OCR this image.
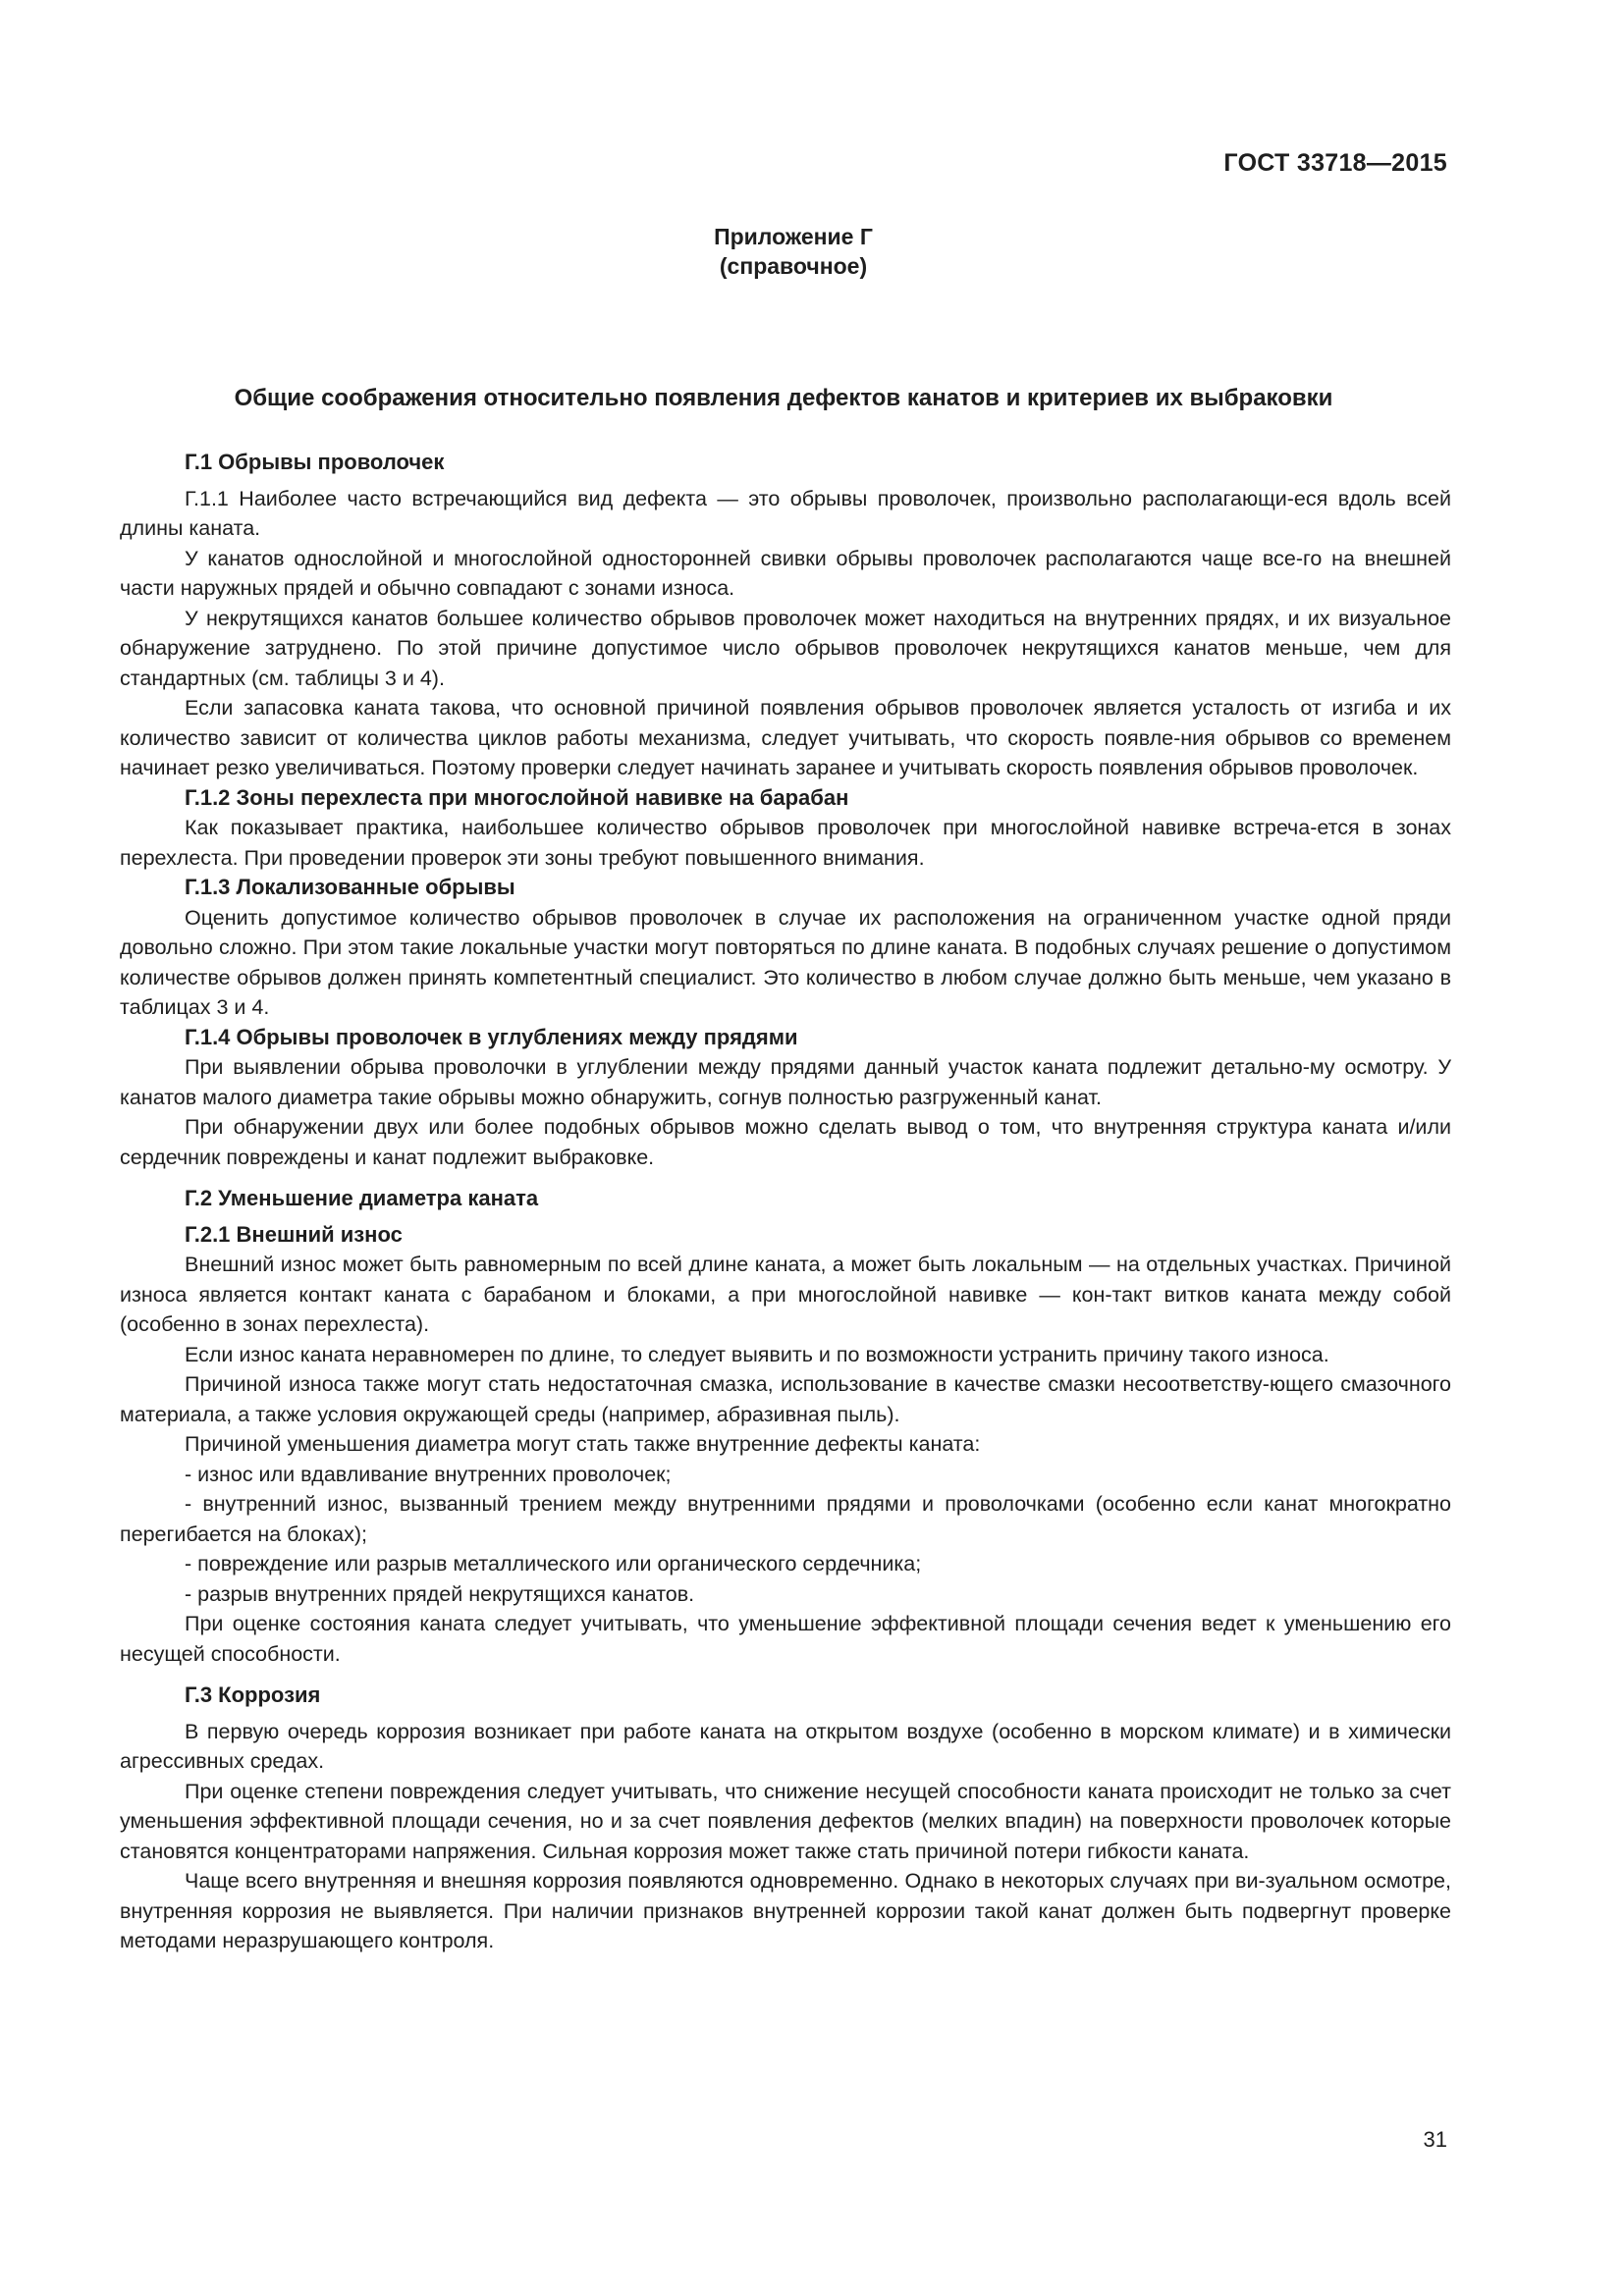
ГОСТ 33718—2015
Приложение Г
(справочное)
Общие соображения относительно появления дефектов канатов и критериев их выбраковки
Г.1 Обрывы проволочек

Г.1.1 Наиболее часто встречающийся вид дефекта — это обрывы проволочек, произвольно располагающи-еся вдоль всей длины каната.

У канатов однослойной и многослойной односторонней свивки обрывы проволочек располагаются чаще все-го на внешней части наружных прядей и обычно совпадают с зонами износа.

У некрутящихся канатов большее количество обрывов проволочек может находиться на внутренних прядях, и их визуальное обнаружение затруднено. По этой причине допустимое число обрывов проволочек некрутящихся канатов меньше, чем для стандартных (см. таблицы 3 и 4).

Если запасовка каната такова, что основной причиной появления обрывов проволочек является усталость от изгиба и их количество зависит от количества циклов работы механизма, следует учитывать, что скорость появле-ния обрывов со временем начинает резко увеличиваться. Поэтому проверки следует начинать заранее и учитывать скорость появления обрывов проволочек.

Г.1.2 Зоны перехлеста при многослойной навивке на барабан

Как показывает практика, наибольшее количество обрывов проволочек при многослойной навивке встреча-ется в зонах перехлеста. При проведении проверок эти зоны требуют повышенного внимания.

Г.1.3 Локализованные обрывы

Оценить допустимое количество обрывов проволочек в случае их расположения на ограниченном участке одной пряди довольно сложно. При этом такие локальные участки могут повторяться по длине каната. В подобных случаях решение о допустимом количестве обрывов должен принять компетентный специалист. Это количество в любом случае должно быть меньше, чем указано в таблицах 3 и 4.

Г.1.4 Обрывы проволочек в углублениях между прядями

При выявлении обрыва проволочки в углублении между прядями данный участок каната подлежит детально-му осмотру. У канатов малого диаметра такие обрывы можно обнаружить, согнув полностью разгруженный канат.

При обнаружении двух или более подобных обрывов можно сделать вывод о том, что внутренняя структура каната и/или сердечник повреждены и канат подлежит выбраковке.

Г.2 Уменьшение диаметра каната
Г.2.1 Внешний износ

Внешний износ может быть равномерным по всей длине каната, а может быть локальным — на отдельных участках. Причиной износа является контакт каната с барабаном и блоками, а при многослойной навивке — кон-такт витков каната между собой (особенно в зонах перехлеста).

Если износ каната неравномерен по длине, то следует выявить и по возможности устранить причину такого износа.

Причиной износа также могут стать недостаточная смазка, использование в качестве смазки несоответству-ющего смазочного материала, а также условия окружающей среды (например, абразивная пыль).

Причиной уменьшения диаметра могут стать также внутренние дефекты каната:

- износ или вдавливание внутренних проволочек;

- внутренний износ, вызванный трением между внутренними прядями и проволочками (особенно если канат многократно перегибается на блоках);

- повреждение или разрыв металлического или органического сердечника;

- разрыв внутренних прядей некрутящихся канатов.

При оценке состояния каната следует учитывать, что уменьшение эффективной площади сечения ведет к уменьшению его несущей способности.

Г.3 Коррозия

В первую очередь коррозия возникает при работе каната на открытом воздухе (особенно в морском климате) и в химически агрессивных средах.

При оценке степени повреждения следует учитывать, что снижение несущей способности каната происходит не только за счет уменьшения эффективной площади сечения, но и за счет появления дефектов (мелких впадин) на поверхности проволочек которые становятся концентраторами напряжения. Сильная коррозия может также стать причиной потери гибкости каната.

Чаще всего внутренняя и внешняя коррозия появляются одновременно. Однако в некоторых случаях при ви-зуальном осмотре, внутренняя коррозия не выявляется. При наличии признаков внутренней коррозии такой канат должен быть подвергнут проверке методами неразрушающего контроля.

31
